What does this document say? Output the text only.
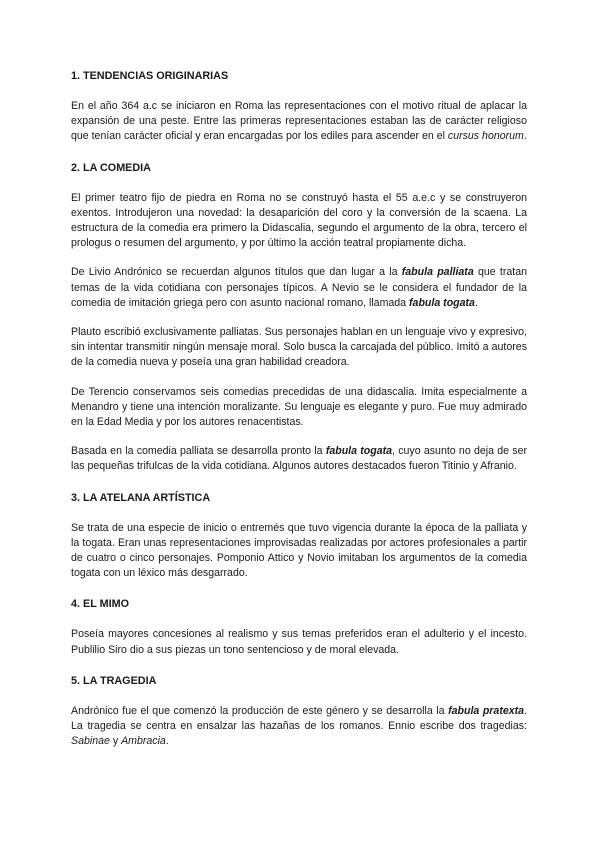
1. TENDENCIAS ORIGINARIAS

En el año 364 a.c se iniciaron en Roma las representaciones con el motivo ritual de aplacar la expansión de una peste. Entre las primeras representaciones estaban las de carácter religioso que tenían carácter oficial y eran encargadas por los ediles para ascender en el cursus honorum.

2. LA COMEDIA

El primer teatro fijo de piedra en Roma no se construyó hasta el 55 a.e.c y se construyeron exentos. Introdujeron una novedad: la desaparición del coro y la conversión de la scaena. La estructura de la comedia era primero la Didascalia, segundo el argumento de la obra, tercero el prologus o resumen del argumento, y por último la acción teatral propiamente dicha.

De Livio Andrónico se recuerdan algunos títulos que dan lugar a la fabula palliata que tratan temas de la vida cotidiana con personajes típicos. A Nevio se le considera el fundador de la comedia de imitación griega pero con asunto nacional romano, llamada fabula togata.

Plauto escribió exclusivamente palliatas. Sus personajes hablan en un lenguaje vivo y expresivo, sin intentar transmitir ningún mensaje moral. Solo busca la carcajada del público. Imitó a autores de la comedia nueva y poseía una gran habilidad creadora.

De Terencio conservamos seis comedias precedidas de una didascalia. Imita especialmente a Menandro y tiene una intención moralizante. Su lenguaje es elegante y puro. Fue muy admirado en la Edad Media y por los autores renacentistas.

Basada en la comedia palliata se desarrolla pronto la fabula togata, cuyo asunto no deja de ser las pequeñas trifulcas de la vida cotidiana. Algunos autores destacados fueron Titinio y Afranio.

3. LA ATELANA ARTÍSTICA

Se trata de una especie de inicio o entremés que tuvo vigencia durante la época de la palliata y la togata. Eran unas representaciones improvisadas realizadas por actores profesionales a partir de cuatro o cinco personajes. Pomponio Attico y Novio imitaban los argumentos de la comedia togata con un léxico más desgarrado.

4. EL MIMO

Poseía mayores concesiones al realismo y sus temas preferidos eran el adulterio y el incesto. Publilio Siro dio a sus piezas un tono sentencioso y de moral elevada.

5. LA TRAGEDIA

Andrónico fue el que comenzó la producción de este género y se desarrolla la fabula pratexta. La tragedia se centra en ensalzar las hazañas de los romanos. Ennio escribe dos tragedias: Sabinae y Ambracia.
